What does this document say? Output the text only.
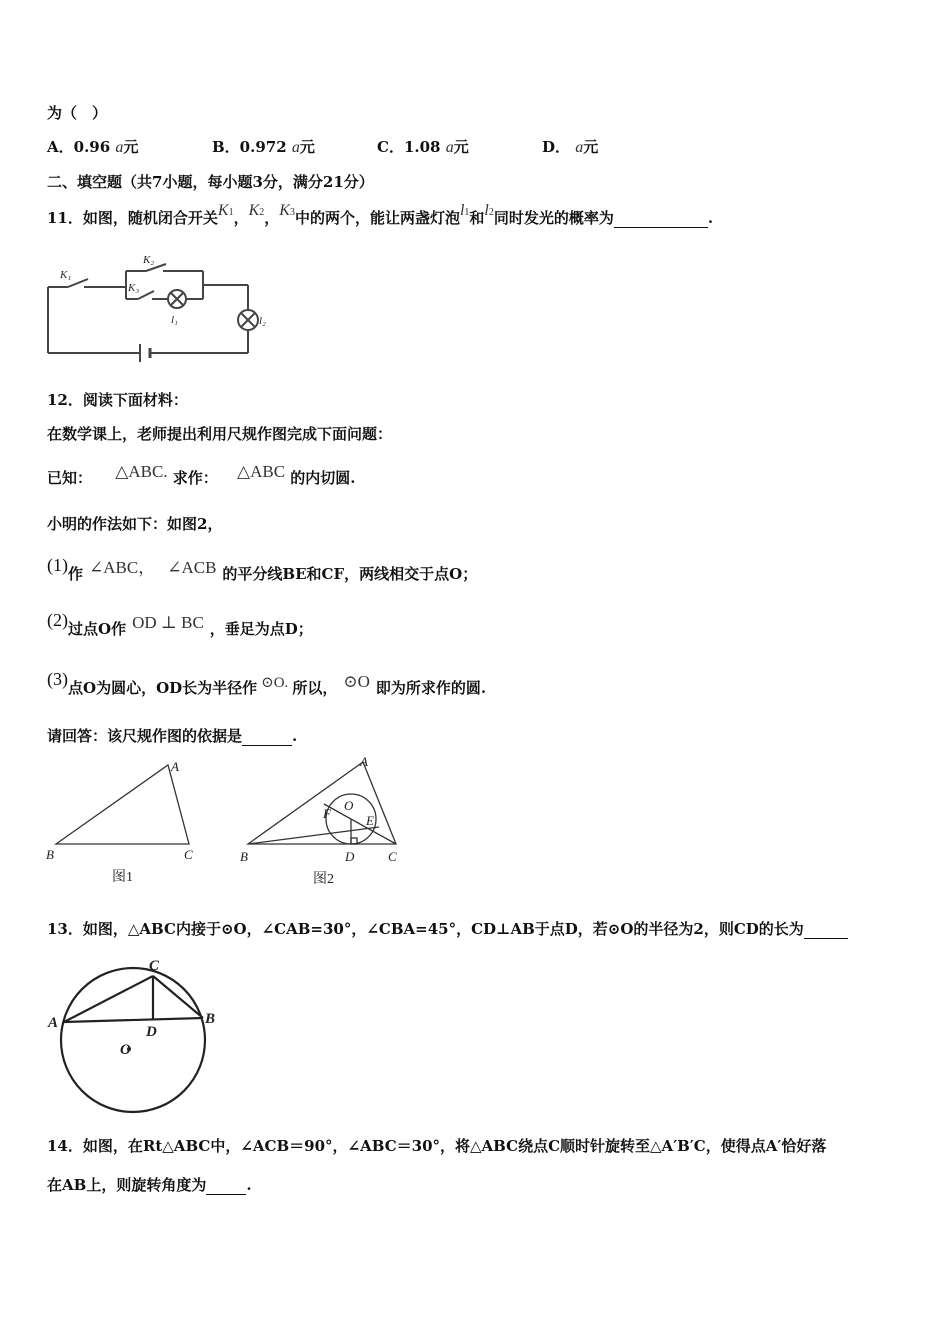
为（　）
A．0.96 a元	B．0.972 a元	C．1.08 a元	D． a元
二、填空题（共7小题，每小题3分，满分21分）
11．如图，随机闭合开关K1，K2，K3中的两个，能让两盏灯泡l1和l2同时发光的概率为	.
K₁
K₂
K₃
l₁	l₂
12．阅读下面材料：
在数学课上，老师提出利用尺规作图完成下面问题：
已知： △ABC. 求作： △ABC 的内切圆.
小明的作法如下：如图2，
(1)作 ∠ABC， ∠ACB 的平分线BE和CF，两线相交于点O；
(2)过点O作 OD ⊥ BC ，垂足为点D；
(3)点O为圆心，OD长为半径作 ⊙O. 所以， ⊙O 即为所求作的圆.
请回答：该尺规作图的依据是	.
A
B	C
图1
A
B	C
D
E
F
O
图2
13．如图，△ABC内接于⊙O，∠CAB=30°，∠CBA=45°，CD⊥AB于点D，若⊙O的半径为2，则CD的长为
A	B
C
D
O
14．如图，在Rt△ABC中，∠ACB＝90°，∠ABC＝30°，将△ABC绕点C顺时针旋转至△A′B′C，使得点A′恰好落
在AB上，则旋转角度为	.
